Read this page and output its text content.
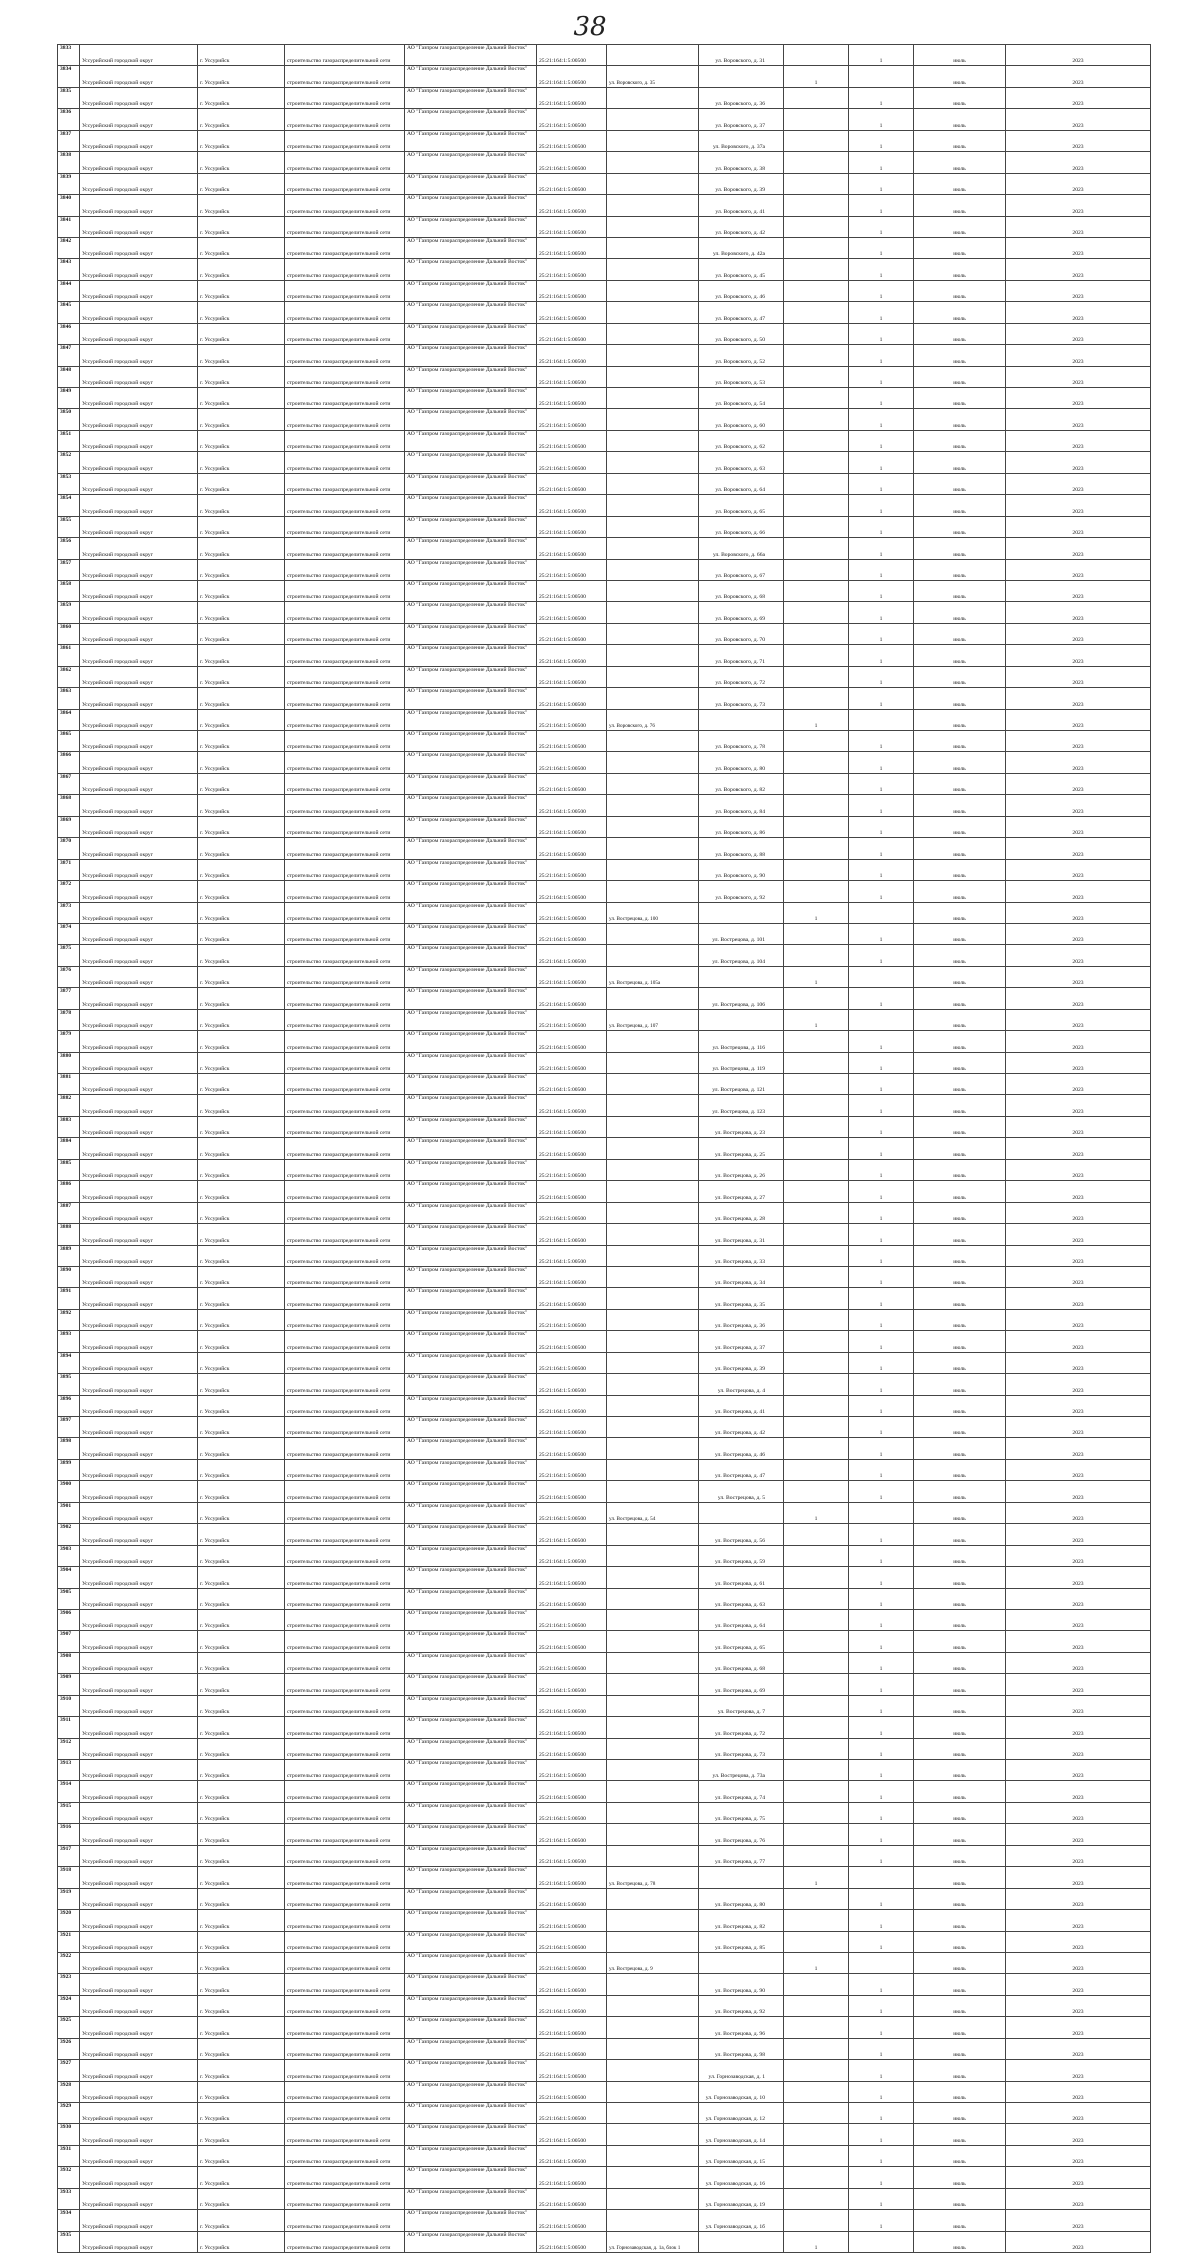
38
3833	Уссурийский городской округ	г. Уссурийск	строительство газораспределительной сети	АО "Газпром газораспределение Дальний Восток"	25:21:164:1:5:00500		ул. Воровского, д. 31		1	июль	2023
3834	Уссурийский городской округ	г. Уссурийск	строительство газораспределительной сети	АО "Газпром газораспределение Дальний Восток"	25:21:164:1:5:00500	ул. Воровского, д. 35		1		июль	2023
3835	Уссурийский городской округ	г. Уссурийск	строительство газораспределительной сети	АО "Газпром газораспределение Дальний Восток"	25:21:164:1:5:00500		ул. Воровского, д. 36		1	июль	2023
3836	Уссурийский городской округ	г. Уссурийск	строительство газораспределительной сети	АО "Газпром газораспределение Дальний Восток"	25:21:164:1:5:00500		ул. Воровского, д. 37		1	июль	2023
3837	Уссурийский городской округ	г. Уссурийск	строительство газораспределительной сети	АО "Газпром газораспределение Дальний Восток"	25:21:164:1:5:00500		ул. Воровского, д. 37а		1	июль	2023
3838	Уссурийский городской округ	г. Уссурийск	строительство газораспределительной сети	АО "Газпром газораспределение Дальний Восток"	25:21:164:1:5:00500		ул. Воровского, д. 38		1	июль	2023
3839	Уссурийский городской округ	г. Уссурийск	строительство газораспределительной сети	АО "Газпром газораспределение Дальний Восток"	25:21:164:1:5:00500		ул. Воровского, д. 39		1	июль	2023
3840	Уссурийский городской округ	г. Уссурийск	строительство газораспределительной сети	АО "Газпром газораспределение Дальний Восток"	25:21:164:1:5:00500		ул. Воровского, д. 41		1	июль	2023
3841	Уссурийский городской округ	г. Уссурийск	строительство газораспределительной сети	АО "Газпром газораспределение Дальний Восток"	25:21:164:1:5:00500		ул. Воровского, д. 42		1	июль	2023
3842	Уссурийский городской округ	г. Уссурийск	строительство газораспределительной сети	АО "Газпром газораспределение Дальний Восток"	25:21:164:1:5:00500		ул. Воровского, д. 42а		1	июль	2023
3843	Уссурийский городской округ	г. Уссурийск	строительство газораспределительной сети	АО "Газпром газораспределение Дальний Восток"	25:21:164:1:5:00500		ул. Воровского, д. 45		1	июль	2023
3844	Уссурийский городской округ	г. Уссурийск	строительство газораспределительной сети	АО "Газпром газораспределение Дальний Восток"	25:21:164:1:5:00500		ул. Воровского, д. 46		1	июль	2023
3845	Уссурийский городской округ	г. Уссурийск	строительство газораспределительной сети	АО "Газпром газораспределение Дальний Восток"	25:21:164:1:5:00500		ул. Воровского, д. 47		1	июль	2023
3846	Уссурийский городской округ	г. Уссурийск	строительство газораспределительной сети	АО "Газпром газораспределение Дальний Восток"	25:21:164:1:5:00500		ул. Воровского, д. 50		1	июль	2023
3847	Уссурийский городской округ	г. Уссурийск	строительство газораспределительной сети	АО "Газпром газораспределение Дальний Восток"	25:21:164:1:5:00500		ул. Воровского, д. 52		1	июль	2023
3848	Уссурийский городской округ	г. Уссурийск	строительство газораспределительной сети	АО "Газпром газораспределение Дальний Восток"	25:21:164:1:5:00500		ул. Воровского, д. 53		1	июль	2023
3849	Уссурийский городской округ	г. Уссурийск	строительство газораспределительной сети	АО "Газпром газораспределение Дальний Восток"	25:21:164:1:5:00500		ул. Воровского, д. 54		1	июль	2023
3850	Уссурийский городской округ	г. Уссурийск	строительство газораспределительной сети	АО "Газпром газораспределение Дальний Восток"	25:21:164:1:5:00500		ул. Воровского, д. 60		1	июль	2023
3851	Уссурийский городской округ	г. Уссурийск	строительство газораспределительной сети	АО "Газпром газораспределение Дальний Восток"	25:21:164:1:5:00500		ул. Воровского, д. 62		1	июль	2023
3852	Уссурийский городской округ	г. Уссурийск	строительство газораспределительной сети	АО "Газпром газораспределение Дальний Восток"	25:21:164:1:5:00500		ул. Воровского, д. 63		1	июль	2023
3853	Уссурийский городской округ	г. Уссурийск	строительство газораспределительной сети	АО "Газпром газораспределение Дальний Восток"	25:21:164:1:5:00500		ул. Воровского, д. 64		1	июль	2023
3854	Уссурийский городской округ	г. Уссурийск	строительство газораспределительной сети	АО "Газпром газораспределение Дальний Восток"	25:21:164:1:5:00500		ул. Воровского, д. 65		1	июль	2023
3855	Уссурийский городской округ	г. Уссурийск	строительство газораспределительной сети	АО "Газпром газораспределение Дальний Восток"	25:21:164:1:5:00500		ул. Воровского, д. 66		1	июль	2023
3856	Уссурийский городской округ	г. Уссурийск	строительство газораспределительной сети	АО "Газпром газораспределение Дальний Восток"	25:21:164:1:5:00500		ул. Воровского, д. 66а		1	июль	2023
3857	Уссурийский городской округ	г. Уссурийск	строительство газораспределительной сети	АО "Газпром газораспределение Дальний Восток"	25:21:164:1:5:00500		ул. Воровского, д. 67		1	июль	2023
3858	Уссурийский городской округ	г. Уссурийск	строительство газораспределительной сети	АО "Газпром газораспределение Дальний Восток"	25:21:164:1:5:00500		ул. Воровского, д. 68		1	июль	2023
3859	Уссурийский городской округ	г. Уссурийск	строительство газораспределительной сети	АО "Газпром газораспределение Дальний Восток"	25:21:164:1:5:00500		ул. Воровского, д. 69		1	июль	2023
3860	Уссурийский городской округ	г. Уссурийск	строительство газораспределительной сети	АО "Газпром газораспределение Дальний Восток"	25:21:164:1:5:00500		ул. Воровского, д. 70		1	июль	2023
3861	Уссурийский городской округ	г. Уссурийск	строительство газораспределительной сети	АО "Газпром газораспределение Дальний Восток"	25:21:164:1:5:00500		ул. Воровского, д. 71		1	июль	2023
3862	Уссурийский городской округ	г. Уссурийск	строительство газораспределительной сети	АО "Газпром газораспределение Дальний Восток"	25:21:164:1:5:00500		ул. Воровского, д. 72		1	июль	2023
3863	Уссурийский городской округ	г. Уссурийск	строительство газораспределительной сети	АО "Газпром газораспределение Дальний Восток"	25:21:164:1:5:00500		ул. Воровского, д. 73		1	июль	2023
3864	Уссурийский городской округ	г. Уссурийск	строительство газораспределительной сети	АО "Газпром газораспределение Дальний Восток"	25:21:164:1:5:00500	ул. Воровского, д. 76		1		июль	2023
3865	Уссурийский городской округ	г. Уссурийск	строительство газораспределительной сети	АО "Газпром газораспределение Дальний Восток"	25:21:164:1:5:00500		ул. Воровского, д. 78		1	июль	2023
3866	Уссурийский городской округ	г. Уссурийск	строительство газораспределительной сети	АО "Газпром газораспределение Дальний Восток"	25:21:164:1:5:00500		ул. Воровского, д. 80		1	июль	2023
3867	Уссурийский городской округ	г. Уссурийск	строительство газораспределительной сети	АО "Газпром газораспределение Дальний Восток"	25:21:164:1:5:00500		ул. Воровского, д. 82		1	июль	2023
3868	Уссурийский городской округ	г. Уссурийск	строительство газораспределительной сети	АО "Газпром газораспределение Дальний Восток"	25:21:164:1:5:00500		ул. Воровского, д. 84		1	июль	2023
3869	Уссурийский городской округ	г. Уссурийск	строительство газораспределительной сети	АО "Газпром газораспределение Дальний Восток"	25:21:164:1:5:00500		ул. Воровского, д. 86		1	июль	2023
3870	Уссурийский городской округ	г. Уссурийск	строительство газораспределительной сети	АО "Газпром газораспределение Дальний Восток"	25:21:164:1:5:00500		ул. Воровского, д. 88		1	июль	2023
3871	Уссурийский городской округ	г. Уссурийск	строительство газораспределительной сети	АО "Газпром газораспределение Дальний Восток"	25:21:164:1:5:00500		ул. Воровского, д. 90		1	июль	2023
3872	Уссурийский городской округ	г. Уссурийск	строительство газораспределительной сети	АО "Газпром газораспределение Дальний Восток"	25:21:164:1:5:00500		ул. Воровского, д. 92		1	июль	2023
3873	Уссурийский городской округ	г. Уссурийск	строительство газораспределительной сети	АО "Газпром газораспределение Дальний Восток"	25:21:164:1:5:00500	ул. Вострецова, д. 100		1		июль	2023
3874	Уссурийский городской округ	г. Уссурийск	строительство газораспределительной сети	АО "Газпром газораспределение Дальний Восток"	25:21:164:1:5:00500		ул. Вострецова, д. 101		1	июль	2023
3875	Уссурийский городской округ	г. Уссурийск	строительство газораспределительной сети	АО "Газпром газораспределение Дальний Восток"	25:21:164:1:5:00500		ул. Вострецова, д. 104		1	июль	2023
3876	Уссурийский городской округ	г. Уссурийск	строительство газораспределительной сети	АО "Газпром газораспределение Дальний Восток"	25:21:164:1:5:00500	ул. Вострецова, д. 105а		1		июль	2023
3877	Уссурийский городской округ	г. Уссурийск	строительство газораспределительной сети	АО "Газпром газораспределение Дальний Восток"	25:21:164:1:5:00500		ул. Вострецова, д. 106		1	июль	2023
3878	Уссурийский городской округ	г. Уссурийск	строительство газораспределительной сети	АО "Газпром газораспределение Дальний Восток"	25:21:164:1:5:00500	ул. Вострецова, д. 107		1		июль	2023
3879	Уссурийский городской округ	г. Уссурийск	строительство газораспределительной сети	АО "Газпром газораспределение Дальний Восток"	25:21:164:1:5:00500		ул. Вострецова, д. 116		1	июль	2023
3880	Уссурийский городской округ	г. Уссурийск	строительство газораспределительной сети	АО "Газпром газораспределение Дальний Восток"	25:21:164:1:5:00500		ул. Вострецова, д. 119		1	июль	2023
3881	Уссурийский городской округ	г. Уссурийск	строительство газораспределительной сети	АО "Газпром газораспределение Дальний Восток"	25:21:164:1:5:00500		ул. Вострецова, д. 121		1	июль	2023
3882	Уссурийский городской округ	г. Уссурийск	строительство газораспределительной сети	АО "Газпром газораспределение Дальний Восток"	25:21:164:1:5:00500		ул. Вострецова, д. 123		1	июль	2023
3883	Уссурийский городской округ	г. Уссурийск	строительство газораспределительной сети	АО "Газпром газораспределение Дальний Восток"	25:21:164:1:5:00500		ул. Вострецова, д. 23		1	июль	2023
3884	Уссурийский городской округ	г. Уссурийск	строительство газораспределительной сети	АО "Газпром газораспределение Дальний Восток"	25:21:164:1:5:00500		ул. Вострецова, д. 25		1	июль	2023
3885	Уссурийский городской округ	г. Уссурийск	строительство газораспределительной сети	АО "Газпром газораспределение Дальний Восток"	25:21:164:1:5:00500		ул. Вострецова, д. 26		1	июль	2023
3886	Уссурийский городской округ	г. Уссурийск	строительство газораспределительной сети	АО "Газпром газораспределение Дальний Восток"	25:21:164:1:5:00500		ул. Вострецова, д. 27		1	июль	2023
3887	Уссурийский городской округ	г. Уссурийск	строительство газораспределительной сети	АО "Газпром газораспределение Дальний Восток"	25:21:164:1:5:00500		ул. Вострецова, д. 28		1	июль	2023
3888	Уссурийский городской округ	г. Уссурийск	строительство газораспределительной сети	АО "Газпром газораспределение Дальний Восток"	25:21:164:1:5:00500		ул. Вострецова, д. 31		1	июль	2023
3889	Уссурийский городской округ	г. Уссурийск	строительство газораспределительной сети	АО "Газпром газораспределение Дальний Восток"	25:21:164:1:5:00500		ул. Вострецова, д. 33		1	июль	2023
3890	Уссурийский городской округ	г. Уссурийск	строительство газораспределительной сети	АО "Газпром газораспределение Дальний Восток"	25:21:164:1:5:00500		ул. Вострецова, д. 34		1	июль	2023
3891	Уссурийский городской округ	г. Уссурийск	строительство газораспределительной сети	АО "Газпром газораспределение Дальний Восток"	25:21:164:1:5:00500		ул. Вострецова, д. 35		1	июль	2023
3892	Уссурийский городской округ	г. Уссурийск	строительство газораспределительной сети	АО "Газпром газораспределение Дальний Восток"	25:21:164:1:5:00500		ул. Вострецова, д. 36		1	июль	2023
3893	Уссурийский городской округ	г. Уссурийск	строительство газораспределительной сети	АО "Газпром газораспределение Дальний Восток"	25:21:164:1:5:00500		ул. Вострецова, д. 37		1	июль	2023
3894	Уссурийский городской округ	г. Уссурийск	строительство газораспределительной сети	АО "Газпром газораспределение Дальний Восток"	25:21:164:1:5:00500		ул. Вострецова, д. 39		1	июль	2023
3895	Уссурийский городской округ	г. Уссурийск	строительство газораспределительной сети	АО "Газпром газораспределение Дальний Восток"	25:21:164:1:5:00500		ул. Вострецова, д. 4		1	июль	2023
3896	Уссурийский городской округ	г. Уссурийск	строительство газораспределительной сети	АО "Газпром газораспределение Дальний Восток"	25:21:164:1:5:00500		ул. Вострецова, д. 41		1	июль	2023
3897	Уссурийский городской округ	г. Уссурийск	строительство газораспределительной сети	АО "Газпром газораспределение Дальний Восток"	25:21:164:1:5:00500		ул. Вострецова, д. 42		1	июль	2023
3898	Уссурийский городской округ	г. Уссурийск	строительство газораспределительной сети	АО "Газпром газораспределение Дальний Восток"	25:21:164:1:5:00500		ул. Вострецова, д. 46		1	июль	2023
3899	Уссурийский городской округ	г. Уссурийск	строительство газораспределительной сети	АО "Газпром газораспределение Дальний Восток"	25:21:164:1:5:00500		ул. Вострецова, д. 47		1	июль	2023
3900	Уссурийский городской округ	г. Уссурийск	строительство газораспределительной сети	АО "Газпром газораспределение Дальний Восток"	25:21:164:1:5:00500		ул. Вострецова, д. 5		1	июль	2023
3901	Уссурийский городской округ	г. Уссурийск	строительство газораспределительной сети	АО "Газпром газораспределение Дальний Восток"	25:21:164:1:5:00500	ул. Вострецова, д. 54		1		июль	2023
3902	Уссурийский городской округ	г. Уссурийск	строительство газораспределительной сети	АО "Газпром газораспределение Дальний Восток"	25:21:164:1:5:00500		ул. Вострецова, д. 56		1	июль	2023
3903	Уссурийский городской округ	г. Уссурийск	строительство газораспределительной сети	АО "Газпром газораспределение Дальний Восток"	25:21:164:1:5:00500		ул. Вострецова, д. 59		1	июль	2023
3904	Уссурийский городской округ	г. Уссурийск	строительство газораспределительной сети	АО "Газпром газораспределение Дальний Восток"	25:21:164:1:5:00500		ул. Вострецова, д. 61		1	июль	2023
3905	Уссурийский городской округ	г. Уссурийск	строительство газораспределительной сети	АО "Газпром газораспределение Дальний Восток"	25:21:164:1:5:00500		ул. Вострецова, д. 63		1	июль	2023
3906	Уссурийский городской округ	г. Уссурийск	строительство газораспределительной сети	АО "Газпром газораспределение Дальний Восток"	25:21:164:1:5:00500		ул. Вострецова, д. 64		1	июль	2023
3907	Уссурийский городской округ	г. Уссурийск	строительство газораспределительной сети	АО "Газпром газораспределение Дальний Восток"	25:21:164:1:5:00500		ул. Вострецова, д. 65		1	июль	2023
3908	Уссурийский городской округ	г. Уссурийск	строительство газораспределительной сети	АО "Газпром газораспределение Дальний Восток"	25:21:164:1:5:00500		ул. Вострецова, д. 68		1	июль	2023
3909	Уссурийский городской округ	г. Уссурийск	строительство газораспределительной сети	АО "Газпром газораспределение Дальний Восток"	25:21:164:1:5:00500		ул. Вострецова, д. 69		1	июль	2023
3910	Уссурийский городской округ	г. Уссурийск	строительство газораспределительной сети	АО "Газпром газораспределение Дальний Восток"	25:21:164:1:5:00500		ул. Вострецова, д. 7		1	июль	2023
3911	Уссурийский городской округ	г. Уссурийск	строительство газораспределительной сети	АО "Газпром газораспределение Дальний Восток"	25:21:164:1:5:00500		ул. Вострецова, д. 72		1	июль	2023
3912	Уссурийский городской округ	г. Уссурийск	строительство газораспределительной сети	АО "Газпром газораспределение Дальний Восток"	25:21:164:1:5:00500		ул. Вострецова, д. 73		1	июль	2023
3913	Уссурийский городской округ	г. Уссурийск	строительство газораспределительной сети	АО "Газпром газораспределение Дальний Восток"	25:21:164:1:5:00500		ул. Вострецова, д. 73а		1	июль	2023
3914	Уссурийский городской округ	г. Уссурийск	строительство газораспределительной сети	АО "Газпром газораспределение Дальний Восток"	25:21:164:1:5:00500		ул. Вострецова, д. 74		1	июль	2023
3915	Уссурийский городской округ	г. Уссурийск	строительство газораспределительной сети	АО "Газпром газораспределение Дальний Восток"	25:21:164:1:5:00500		ул. Вострецова, д. 75		1	июль	2023
3916	Уссурийский городской округ	г. Уссурийск	строительство газораспределительной сети	АО "Газпром газораспределение Дальний Восток"	25:21:164:1:5:00500		ул. Вострецова, д. 76		1	июль	2023
3917	Уссурийский городской округ	г. Уссурийск	строительство газораспределительной сети	АО "Газпром газораспределение Дальний Восток"	25:21:164:1:5:00500		ул. Вострецова, д. 77		1	июль	2023
3918	Уссурийский городской округ	г. Уссурийск	строительство газораспределительной сети	АО "Газпром газораспределение Дальний Восток"	25:21:164:1:5:00500	ул. Вострецова, д. 78		1		июль	2023
3919	Уссурийский городской округ	г. Уссурийск	строительство газораспределительной сети	АО "Газпром газораспределение Дальний Восток"	25:21:164:1:5:00500		ул. Вострецова, д. 80		1	июль	2023
3920	Уссурийский городской округ	г. Уссурийск	строительство газораспределительной сети	АО "Газпром газораспределение Дальний Восток"	25:21:164:1:5:00500		ул. Вострецова, д. 82		1	июль	2023
3921	Уссурийский городской округ	г. Уссурийск	строительство газораспределительной сети	АО "Газпром газораспределение Дальний Восток"	25:21:164:1:5:00500		ул. Вострецова, д. 85		1	июль	2023
3922	Уссурийский городской округ	г. Уссурийск	строительство газораспределительной сети	АО "Газпром газораспределение Дальний Восток"	25:21:164:1:5:00500	ул. Вострецова, д. 9		1		июль	2023
3923	Уссурийский городской округ	г. Уссурийск	строительство газораспределительной сети	АО "Газпром газораспределение Дальний Восток"	25:21:164:1:5:00500		ул. Вострецова, д. 90		1	июль	2023
3924	Уссурийский городской округ	г. Уссурийск	строительство газораспределительной сети	АО "Газпром газораспределение Дальний Восток"	25:21:164:1:5:00500		ул. Вострецова, д. 92		1	июль	2023
3925	Уссурийский городской округ	г. Уссурийск	строительство газораспределительной сети	АО "Газпром газораспределение Дальний Восток"	25:21:164:1:5:00500		ул. Вострецова, д. 96		1	июль	2023
3926	Уссурийский городской округ	г. Уссурийск	строительство газораспределительной сети	АО "Газпром газораспределение Дальний Восток"	25:21:164:1:5:00500		ул. Вострецова, д. 98		1	июль	2023
3927	Уссурийский городской округ	г. Уссурийск	строительство газораспределительной сети	АО "Газпром газораспределение Дальний Восток"	25:21:164:1:5:00500		ул. Горнозаводская, д. 1		1	июль	2023
3928	Уссурийский городской округ	г. Уссурийск	строительство газораспределительной сети	АО "Газпром газораспределение Дальний Восток"	25:21:164:1:5:00500		ул. Горнозаводская, д. 10		1	июль	2023
3929	Уссурийский городской округ	г. Уссурийск	строительство газораспределительной сети	АО "Газпром газораспределение Дальний Восток"	25:21:164:1:5:00500		ул. Горнозаводская, д. 12		1	июль	2023
3930	Уссурийский городской округ	г. Уссурийск	строительство газораспределительной сети	АО "Газпром газораспределение Дальний Восток"	25:21:164:1:5:00500		ул. Горнозаводская, д. 14		1	июль	2023
3931	Уссурийский городской округ	г. Уссурийск	строительство газораспределительной сети	АО "Газпром газораспределение Дальний Восток"	25:21:164:1:5:00500		ул. Горнозаводская, д. 15		1	июль	2023
3932	Уссурийский городской округ	г. Уссурийск	строительство газораспределительной сети	АО "Газпром газораспределение Дальний Восток"	25:21:164:1:5:00500		ул. Горнозаводская, д. 16		1	июль	2023
3933	Уссурийский городской округ	г. Уссурийск	строительство газораспределительной сети	АО "Газпром газораспределение Дальний Восток"	25:21:164:1:5:00500		ул. Горнозаводская, д. 19		1	июль	2023
3934	Уссурийский городской округ	г. Уссурийск	строительство газораспределительной сети	АО "Газпром газораспределение Дальний Восток"	25:21:164:1:5:00500		ул. Горнозаводская, д. 1б		1	июль	2023
3935	Уссурийский городской округ	г. Уссурийск	строительство газораспределительной сети	АО "Газпром газораспределение Дальний Восток"	25:21:164:1:5:00500	ул. Горнозаводская, д. 1а, блок 1		1		июль	2023
